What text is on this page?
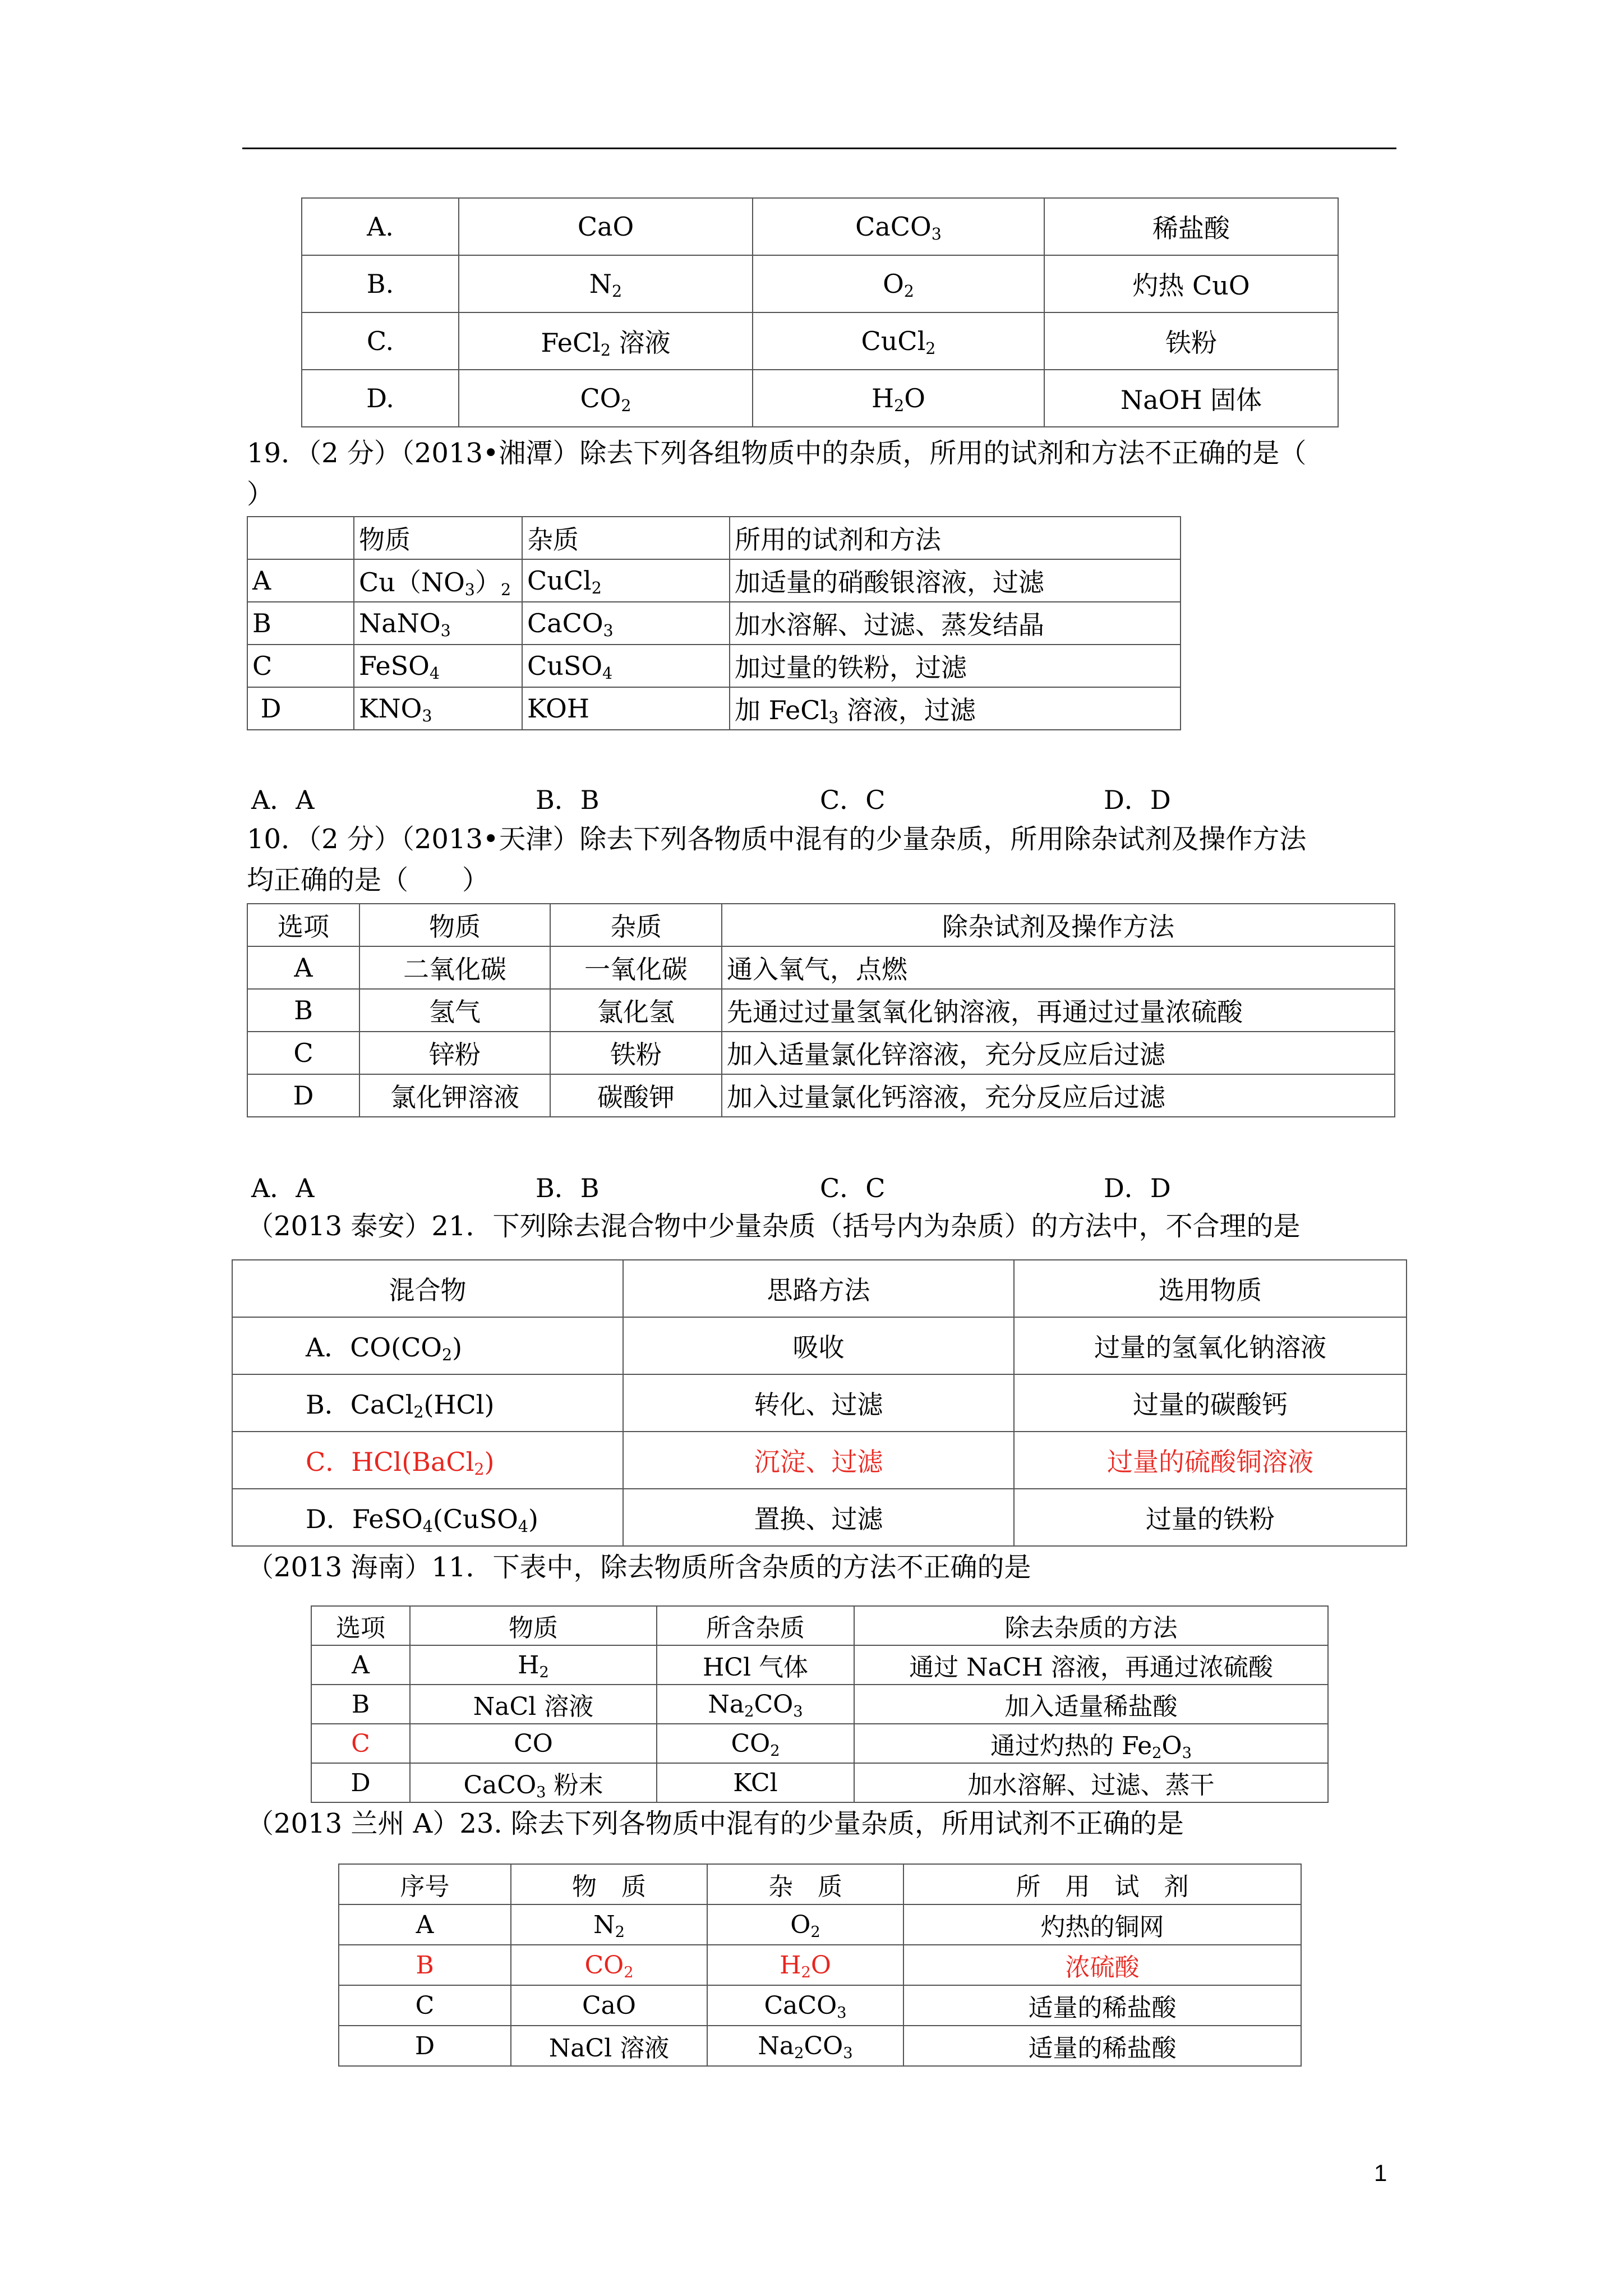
A.	CaO	CaCO$_3$	稀盐酸
B.	$N_2$	$O_2$	灼热 CuO
C.	FeCl$_2$ 溶液	CuCl$_2$	铁粉
D.	$CO_2$	$H_2O$	NaOH 固体
19．（2 分）（2013•湘潭）除去下列各组物质中的杂质，所用的试剂和方法不正确的是（
）
	物质	杂质	所用的试剂和方法
A	$Cu(NO_3)_2$	CuCl$_2$	加适量的硝酸银溶液，过滤
B	NaNO$_3$	CaCO$_3$	加水溶解、过滤、蒸发结晶
C	FeSO$_4$	CuSO$_4$	加过量的铁粉，过滤
D	$KNO_3$	KOH	加 FeCl$_3$ 溶液，过滤
A．A	B．B	C．C	D．D
10．（2 分）（2013•天津）除去下列各物质中混有的少量杂质，所用除杂试剂及操作方法
均正确的是（　　）
选项	物质	杂质	除杂试剂及操作方法
A	二氧化碳	一氧化碳	通入氧气，点燃
B	氢气	氯化氢	先通过过量氢氧化钠溶液，再通过过量浓硫酸
C	锌粉	铁粉	加入适量氯化锌溶液，充分反应后过滤
D	氯化钾溶液	碳酸钾	加入过量氯化钙溶液，充分反应后过滤
A．A	B．B	C．C	D．D
（2013 泰安）21．下列除去混合物中少量杂质（括号内为杂质）的方法中，不合理的是
混合物	思路方法	选用物质
A．$CO(CO_2)$	吸收	过量的氢氧化钠溶液
B．CaCl$_2$(HCl)	转化、过滤	过量的碳酸钙
C．HCl(BaCl$_2$)	沉淀、过滤	过量的硫酸铜溶液
D．FeSO$_4$(CuSO$_4$)	置换、过滤	过量的铁粉
（2013 海南）11．下表中，除去物质所含杂质的方法不正确的是
选项	物质	所含杂质	除去杂质的方法
A	$H_2$	HCl 气体	通过 NaCH 溶液，再通过浓硫酸
B	NaCl 溶液	$Na_2CO_3$	加入适量稀盐酸
C	CO	$CO_2$	通过灼热的 $Fe_2O_3$
D	CaCO$_3$ 粉末	KCl	加水溶解、过滤、蒸干
（2013 兰州 A）23. 除去下列各物质中混有的少量杂质，所用试剂不正确的是
序号	物　质	杂　质	所　用　试　剂
A	$N_2$	$O_2$	灼热的铜网
B	$CO_2$	$H_2O$	浓硫酸
C	CaO	CaCO$_3$	适量的稀盐酸
D	NaCl 溶液	$Na_2CO_3$	适量的稀盐酸
1
